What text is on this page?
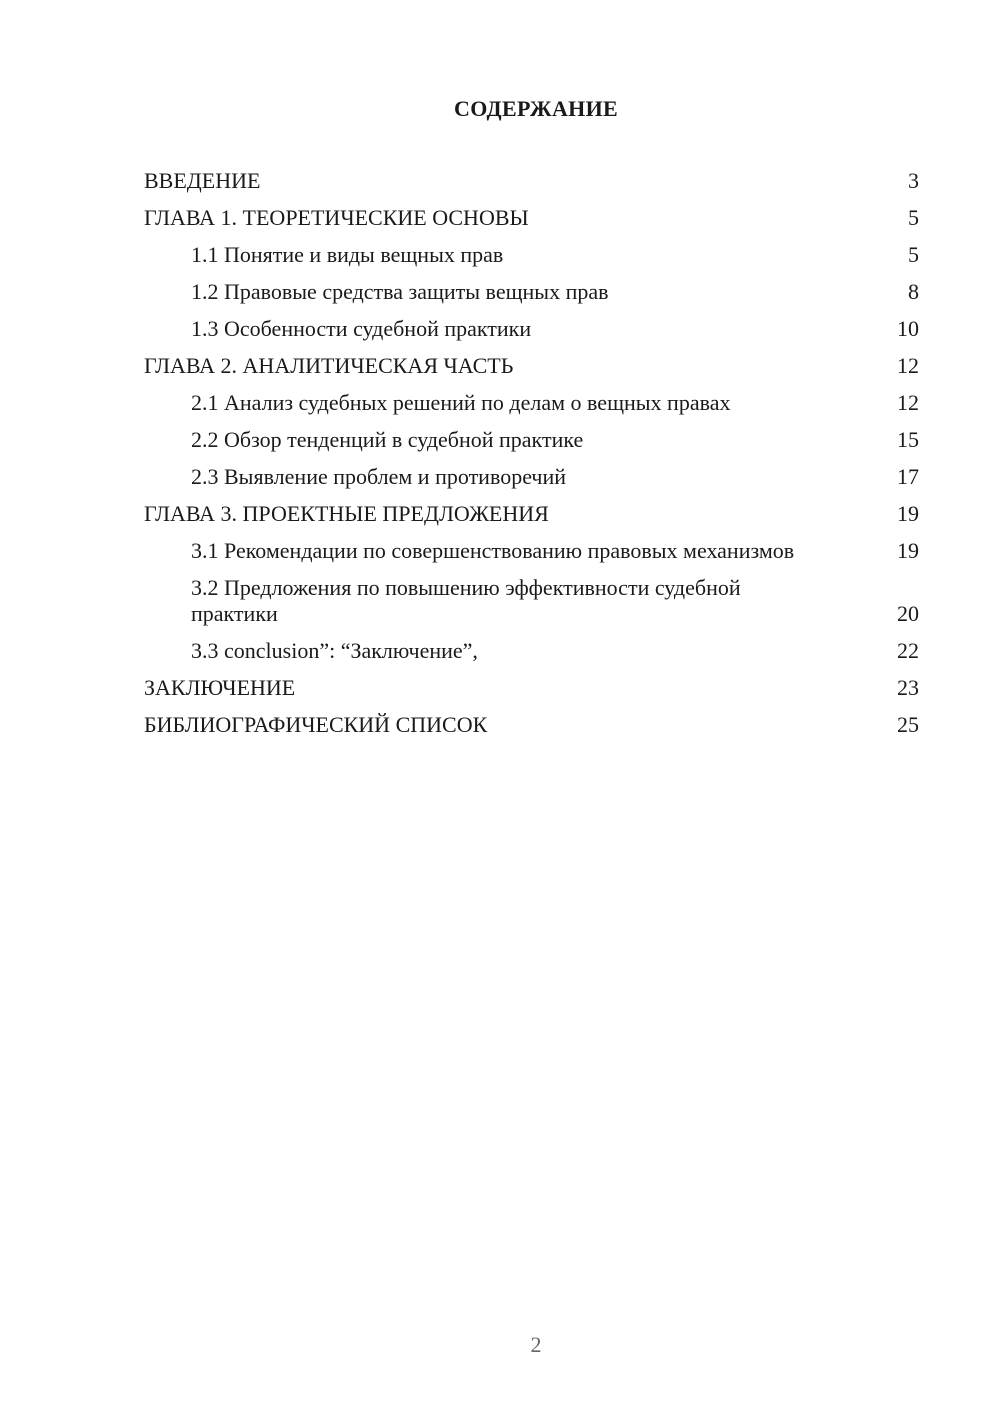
СОДЕРЖАНИЕ
ВВЕДЕНИЕ	3
ГЛАВА 1. ТЕОРЕТИЧЕСКИЕ ОСНОВЫ	5
1.1 Понятие и виды вещных прав	5
1.2 Правовые средства защиты вещных прав	8
1.3 Особенности судебной практики	10
ГЛАВА 2. АНАЛИТИЧЕСКАЯ ЧАСТЬ	12
2.1 Анализ судебных решений по делам о вещных правах	12
2.2 Обзор тенденций в судебной практике	15
2.3 Выявление проблем и противоречий	17
ГЛАВА 3. ПРОЕКТНЫЕ ПРЕДЛОЖЕНИЯ	19
3.1 Рекомендации по совершенствованию правовых механизмов	19
3.2 Предложения по повышению эффективности судебной практики	20
3.3 conclusion”: “Заключение”,	22
ЗАКЛЮЧЕНИЕ	23
БИБЛИОГРАФИЧЕСКИЙ СПИСОК	25
2
